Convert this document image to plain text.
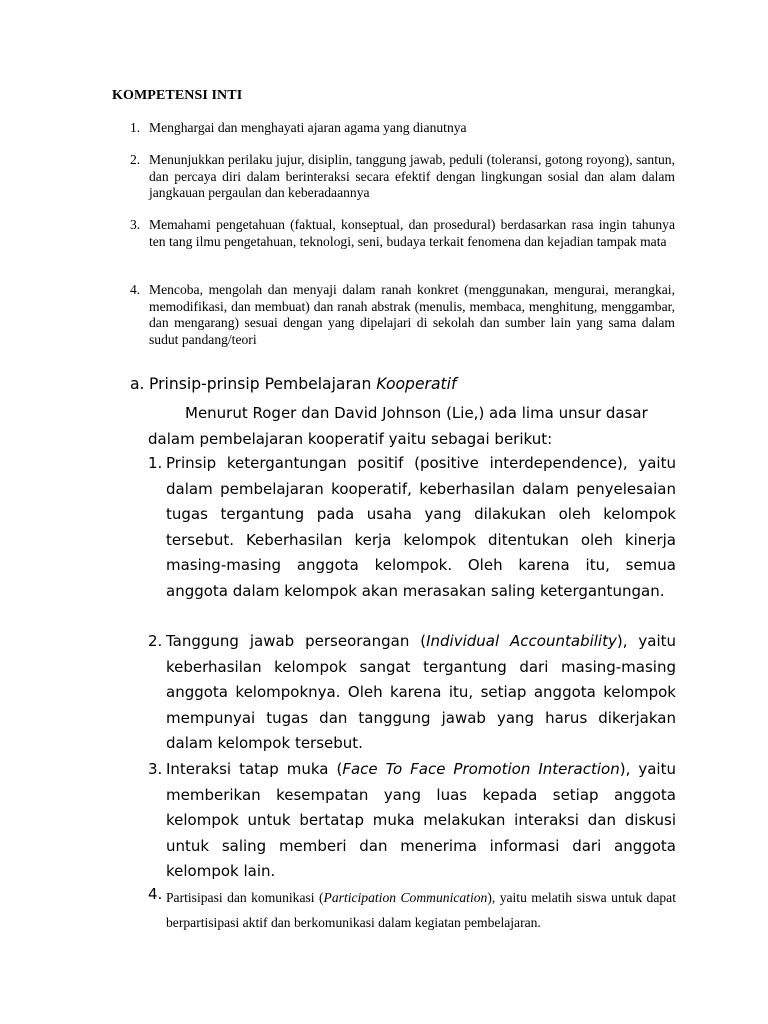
KOMPETENSI INTI
1. Menghargai dan menghayati ajaran agama yang dianutnya
2. Menunjukkan perilaku jujur, disiplin, tanggung jawab, peduli (toleransi, gotong royong), santun, dan percaya diri dalam berinteraksi secara efektif dengan lingkungan sosial dan alam dalam jangkauan pergaulan dan keberadaannya
3. Memahami pengetahuan (faktual, konseptual, dan prosedural) berdasarkan rasa ingin tahunya ten tang ilmu pengetahuan, teknologi, seni, budaya terkait fenomena dan kejadian tampak mata
4. Mencoba, mengolah dan menyaji dalam ranah konkret (menggunakan, mengurai, merangkai, memodifikasi, dan membuat) dan ranah abstrak (menulis, membaca, menghitung, menggambar, dan mengarang) sesuai dengan yang dipelajari di sekolah dan sumber lain yang sama dalam sudut pandang/teori
a. Prinsip-prinsip Pembelajaran Kooperatif
Menurut Roger dan David Johnson (Lie,) ada lima unsur dasar dalam pembelajaran kooperatif yaitu sebagai berikut:
1. Prinsip ketergantungan positif (positive interdependence), yaitu dalam pembelajaran kooperatif, keberhasilan dalam penyelesaian tugas tergantung pada usaha yang dilakukan oleh kelompok tersebut. Keberhasilan kerja kelompok ditentukan oleh kinerja masing-masing anggota kelompok. Oleh karena itu, semua anggota dalam kelompok akan merasakan saling ketergantungan.
2. Tanggung jawab perseorangan (Individual Accountability), yaitu keberhasilan kelompok sangat tergantung dari masing-masing anggota kelompoknya. Oleh karena itu, setiap anggota kelompok mempunyai tugas dan tanggung jawab yang harus dikerjakan dalam kelompok tersebut.
3. Interaksi tatap muka (Face To Face Promotion Interaction), yaitu memberikan kesempatan yang luas kepada setiap anggota kelompok untuk bertatap muka melakukan interaksi dan diskusi untuk saling memberi dan menerima informasi dari anggota kelompok lain.
4. Partisipasi dan komunikasi (Participation Communication), yaitu melatih siswa untuk dapat berpartisipasi aktif dan berkomunikasi dalam kegiatan pembelajaran.
